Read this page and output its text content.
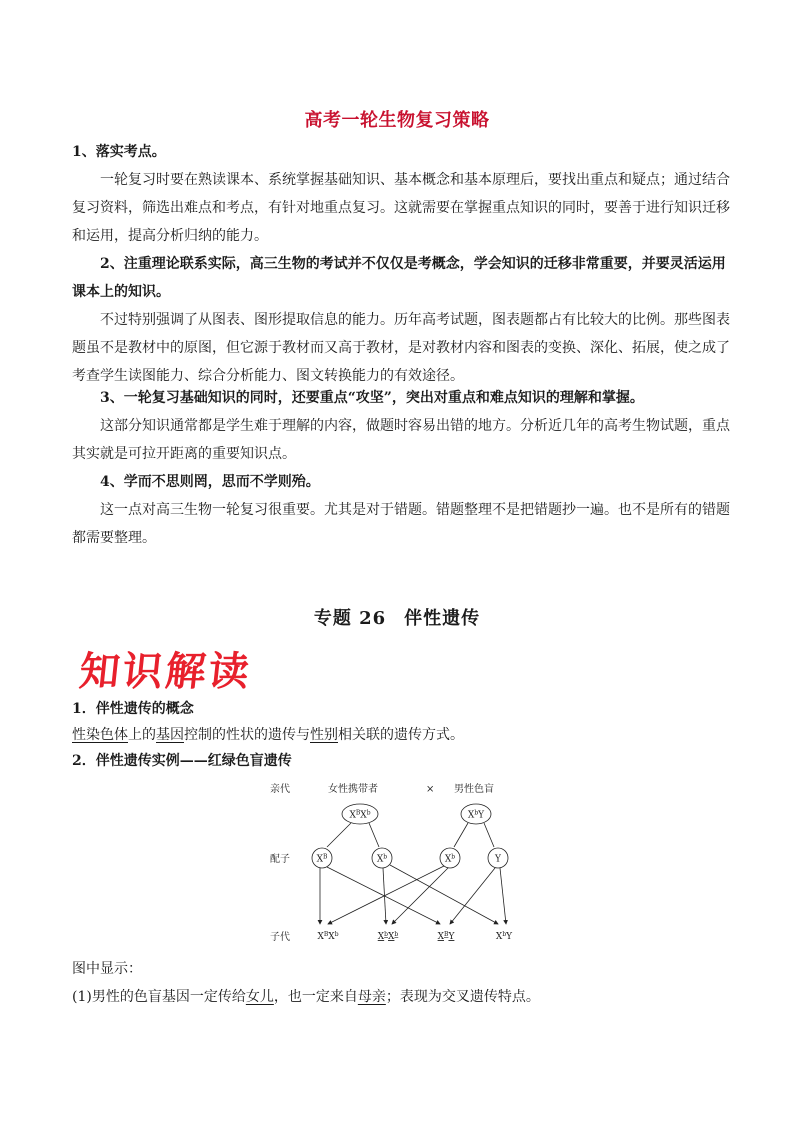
高考一轮生物复习策略

1、落实考点。

一轮复习时要在熟读课本、系统掌握基础知识、基本概念和基本原理后，要找出重点和疑点；通过结合复习资料，筛选出难点和考点，有针对地重点复习。这就需要在掌握重点知识的同时，要善于进行知识迁移和运用，提高分析归纳的能力。

2、注重理论联系实际，高三生物的考试并不仅仅是考概念，学会知识的迁移非常重要，并要灵活运用课本上的知识。

不过特别强调了从图表、图形提取信息的能力。历年高考试题，图表题都占有比较大的比例。那些图表题虽不是教材中的原图，但它源于教材而又高于教材，是对教材内容和图表的变换、深化、拓展，使之成了考查学生读图能力、综合分析能力、图文转换能力的有效途径。

3、一轮复习基础知识的同时，还要重点“攻坚”，突出对重点和难点知识的理解和掌握。

这部分知识通常都是学生难于理解的内容，做题时容易出错的地方。分析近几年的高考生物试题，重点其实就是可拉开距离的重要知识点。

4、学而不思则罔，思而不学则殆。

这一点对高三生物一轮复习很重要。尤其是对于错题。错题整理不是把错题抄一遍。也不是所有的错题都需要整理。

专题 26 伴性遗传
知识解读
1．伴性遗传的概念
性染色体上的基因控制的性状的遗传与性别相关联的遗传方式。
2．伴性遗传实例——红绿色盲遗传
亲代	女性携带者	× 男性色盲
$X^BX^b$	$X^bY$
配子	$X^B$	$X^b$	$X^b$	Y
子代	$X^BX^b$	$X^bX^b$	$X^BY$	$X^bY$
图中显示：
(1)男性的色盲基因一定传给女儿，也一定来自母亲；表现为交叉遗传特点。
